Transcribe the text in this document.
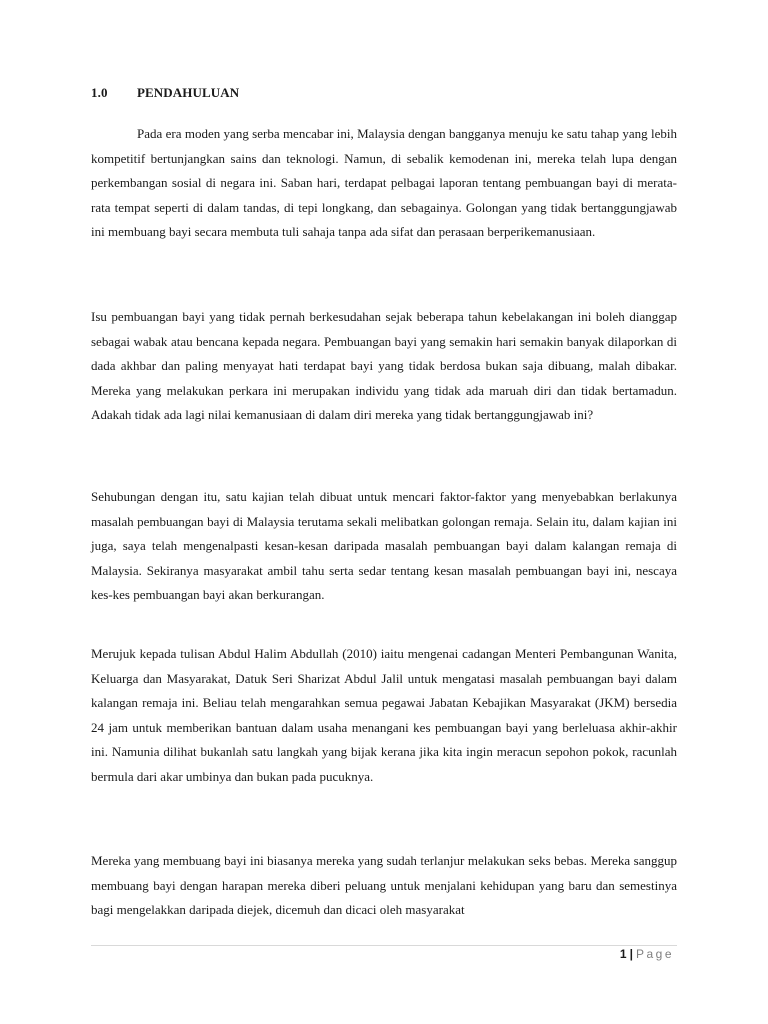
1.0 PENDAHULUAN

Pada era moden yang serba mencabar ini, Malaysia dengan bangganya menuju ke satu tahap yang lebih kompetitif bertunjangkan sains dan teknologi. Namun, di sebalik kemodenan ini, mereka telah lupa dengan perkembangan sosial di negara ini. Saban hari, terdapat pelbagai laporan tentang pembuangan bayi di merata-rata tempat seperti di dalam tandas, di tepi longkang, dan sebagainya. Golongan yang tidak bertanggungjawab ini membuang bayi secara membuta tuli sahaja tanpa ada sifat dan perasaan berperikemanusiaan.

Isu pembuangan bayi yang tidak pernah berkesudahan sejak beberapa tahun kebelakangan ini boleh dianggap sebagai wabak atau bencana kepada negara. Pembuangan bayi yang semakin hari semakin banyak dilaporkan di dada akhbar dan paling menyayat hati terdapat bayi yang tidak berdosa bukan saja dibuang, malah dibakar. Mereka yang melakukan perkara ini merupakan individu yang tidak ada maruah diri dan tidak bertamadun. Adakah tidak ada lagi nilai kemanusiaan di dalam diri mereka yang tidak bertanggungjawab ini?

Sehubungan dengan itu, satu kajian telah dibuat untuk mencari faktor-faktor yang menyebabkan berlakunya masalah pembuangan bayi di Malaysia terutama sekali melibatkan golongan remaja. Selain itu, dalam kajian ini juga, saya telah mengenalpasti kesan-kesan daripada masalah pembuangan bayi dalam kalangan remaja di Malaysia. Sekiranya masyarakat ambil tahu serta sedar tentang kesan masalah pembuangan bayi ini, nescaya kes-kes pembuangan bayi akan berkurangan.

Merujuk kepada tulisan Abdul Halim Abdullah (2010) iaitu mengenai cadangan Menteri Pembangunan Wanita, Keluarga dan Masyarakat, Datuk Seri Sharizat Abdul Jalil untuk mengatasi masalah pembuangan bayi dalam kalangan remaja ini. Beliau telah mengarahkan semua pegawai Jabatan Kebajikan Masyarakat (JKM) bersedia 24 jam untuk memberikan bantuan dalam usaha menangani kes pembuangan bayi yang berleluasa akhir-akhir ini. Namunia dilihat bukanlah satu langkah yang bijak kerana jika kita ingin meracun sepohon pokok, racunlah bermula dari akar umbinya dan bukan pada pucuknya.

Mereka yang membuang bayi ini biasanya mereka yang sudah terlanjur melakukan seks bebas. Mereka sanggup membuang bayi dengan harapan mereka diberi peluang untuk menjalani kehidupan yang baru dan semestinya bagi mengelakkan daripada diejek, dicemuh dan dicaci oleh masyarakat

1 | Page
